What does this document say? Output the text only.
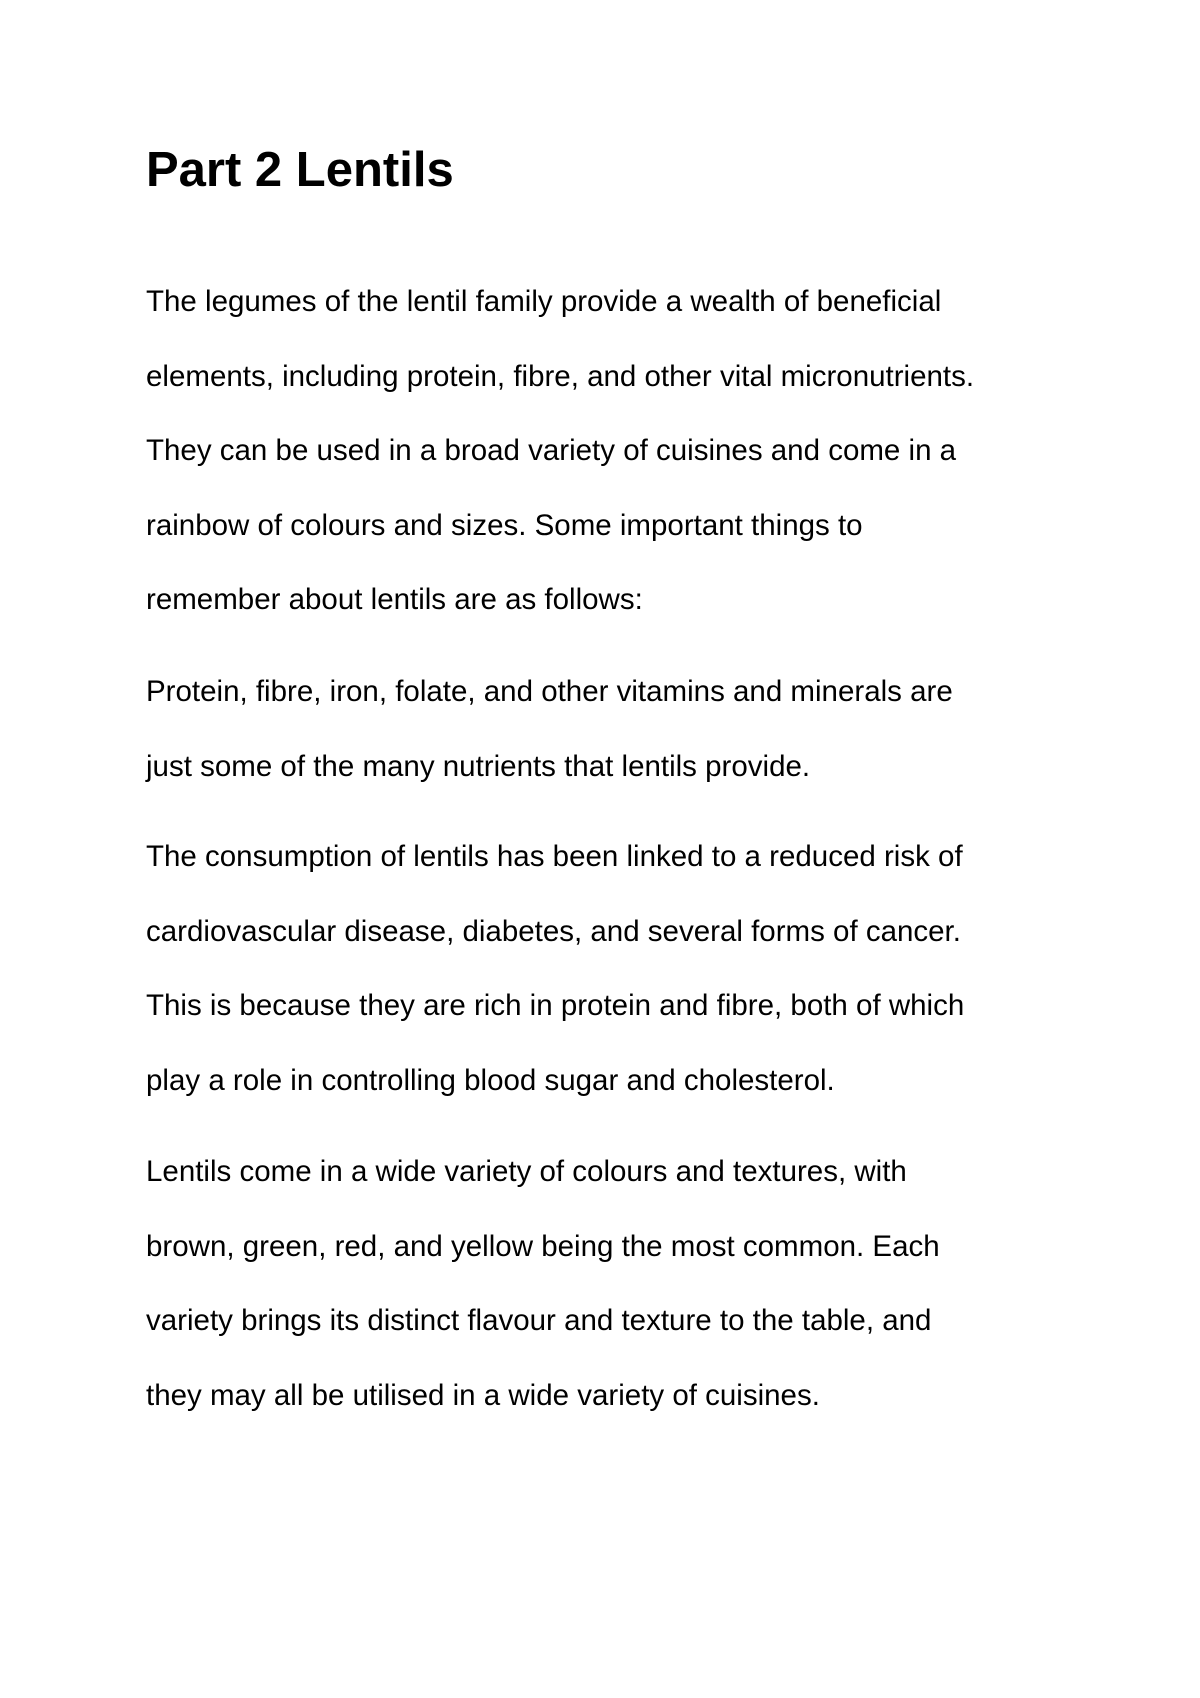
Part 2 Lentils

The legumes of the lentil family provide a wealth of beneficial
elements, including protein, fibre, and other vital micronutrients.
They can be used in a broad variety of cuisines and come in a
rainbow of colours and sizes. Some important things to
remember about lentils are as follows:

Protein, fibre, iron, folate, and other vitamins and minerals are
just some of the many nutrients that lentils provide.

The consumption of lentils has been linked to a reduced risk of
cardiovascular disease, diabetes, and several forms of cancer.
This is because they are rich in protein and fibre, both of which
play a role in controlling blood sugar and cholesterol.

Lentils come in a wide variety of colours and textures, with
brown, green, red, and yellow being the most common. Each
variety brings its distinct flavour and texture to the table, and
they may all be utilised in a wide variety of cuisines.
